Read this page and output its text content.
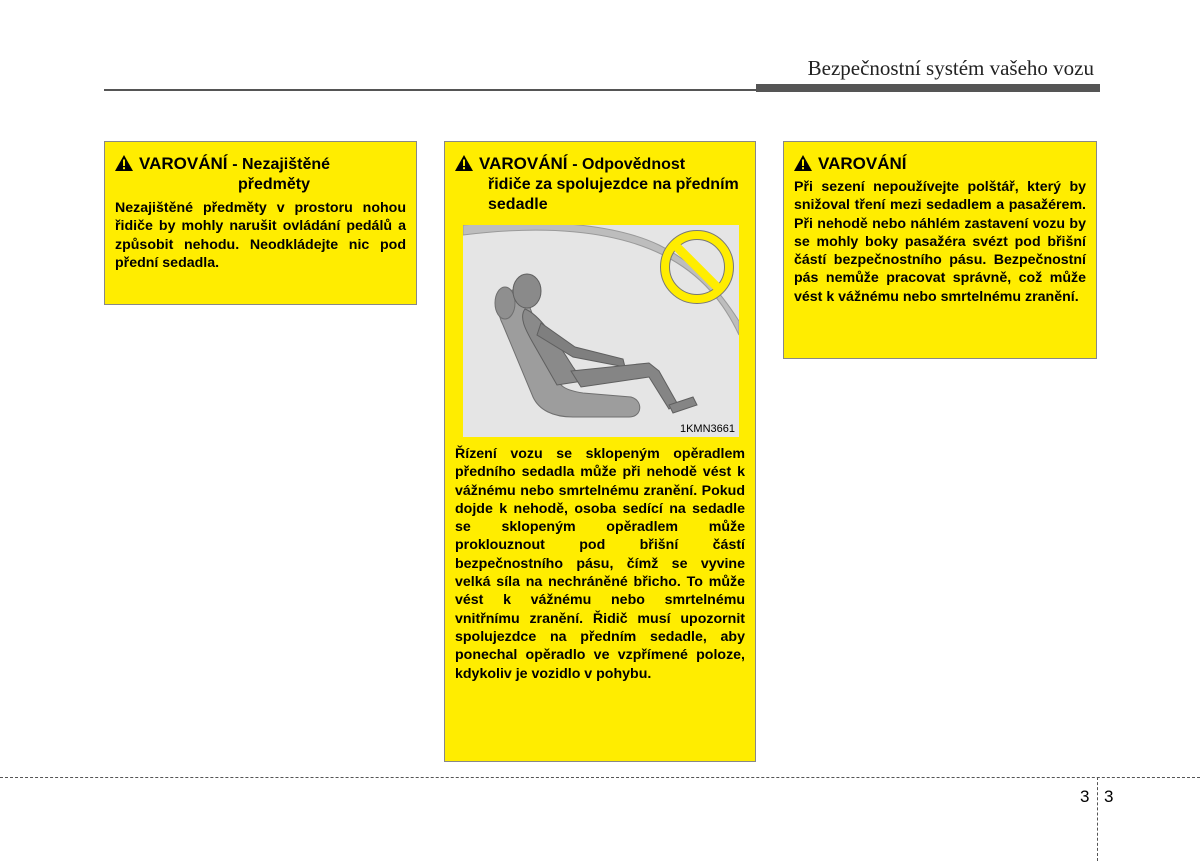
Bezpečnostní systém vašeho vozu
VAROVÁNÍ - Nezajištěné
předměty
Nezajištěné předměty v prostoru nohou řidiče by mohly narušit ovládání pedálů a způsobit nehodu. Neodkládejte nic pod přední sedadla.
VAROVÁNÍ - Odpovědnost
řidiče za spolujezdce na předním sedadle
1KMN3661
Řízení vozu se sklopeným opěradlem předního sedadla může při nehodě vést k vážnému nebo smrtelnému zranění. Pokud dojde k nehodě, osoba sedící na sedadle se sklopeným opěradlem může proklouznout pod břišní částí bezpečnostního pásu, čímž se vyvine velká síla na nechráněné břicho. To může vést k vážnému nebo smrtelnému vnitřnímu zranění. Řidič musí upozornit spolujezdce na předním sedadle, aby ponechal opěradlo ve vzpřímené poloze, kdykoliv je vozidlo v pohybu.
VAROVÁNÍ
Při sezení nepoužívejte polštář, který by snižoval tření mezi sedadlem a pasažérem. Při nehodě nebo náhlém zastavení vozu by se mohly boky pasažéra svézt pod břišní částí bezpečnostního pásu. Bezpečnostní pás nemůže pracovat správně, což může vést k vážnému nebo smrtelnému zranění.
3 3
